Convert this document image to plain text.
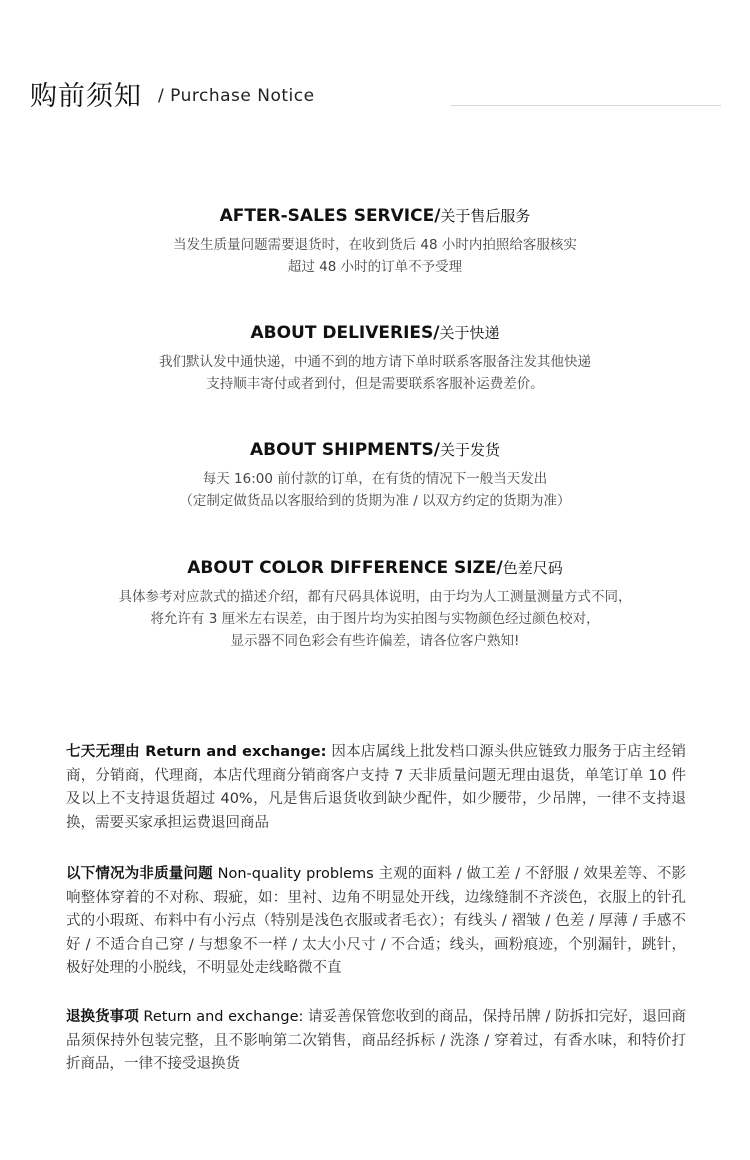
购前须知 / Purchase Notice
AFTER-SALES SERVICE/关于售后服务
当发生质量问题需要退货时，在收到货后 48 小时内拍照给客服核实
超过 48 小时的订单不予受理
ABOUT DELIVERIES/关于快递
我们默认发中通快递，中通不到的地方请下单时联系客服备注发其他快递
支持顺丰寄付或者到付，但是需要联系客服补运费差价。
ABOUT SHIPMENTS/关于发货
每天 16:00 前付款的订单，在有货的情况下一般当天发出
（定制定做货品以客服给到的货期为准 / 以双方约定的货期为准）
ABOUT COLOR DIFFERENCE SIZE/色差尺码
具体参考对应款式的描述介绍，都有尺码具体说明，由于均为人工测量测量方式不同，
将允许有 3 厘米左右误差，由于图片均为实拍图与实物颜色经过颜色校对，
显示器不同色彩会有些许偏差，请各位客户熟知!
七天无理由 Return and exchange: 因本店属线上批发档口源头供应链致力服务于店主经销商，分销商，代理商，本店代理商分销商客户支持 7 天非质量问题无理由退货，单笔订单 10 件及以上不支持退货超过 40%，凡是售后退货收到缺少配件，如少腰带，少吊牌，一律不支持退换，需要买家承担运费退回商品
以下情况为非质量问题 Non-quality problems 主观的面料 / 做工差 / 不舒服 / 效果差等、不影响整体穿着的不对称、瑕疵，如：里衬、边角不明显处开线，边缘缝制不齐淡色，衣服上的针孔式的小瑕斑、布料中有小污点（特别是浅色衣服或者毛衣）；有线头 / 褶皱 / 色差 / 厚薄 / 手感不好 / 不适合自己穿 / 与想象不一样 / 太大小尺寸 / 不合适；线头，画粉痕迹，个别漏针，跳针，极好处理的小脱线，不明显处走线略微不直
退换货事项 Return and exchange: 请妥善保管您收到的商品，保持吊牌 / 防拆扣完好，退回商品须保持外包装完整，且不影响第二次销售，商品经拆标 / 洗涤 / 穿着过，有香水味，和特价打折商品，一律不接受退换货
